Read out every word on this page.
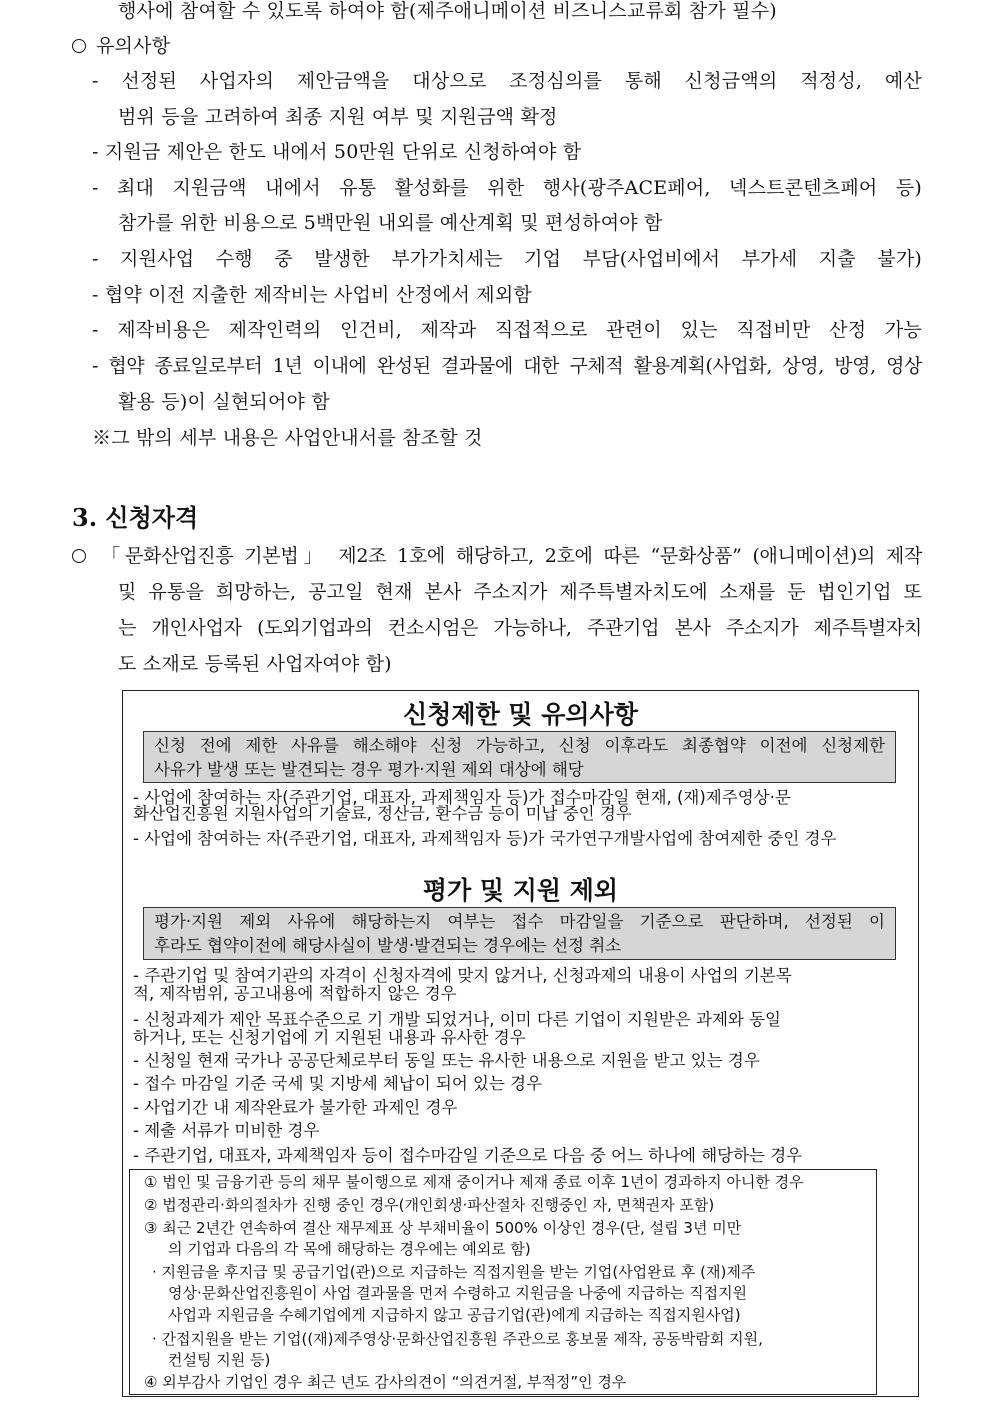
행사에 참여할 수 있도록 하여야 함(제주애니메이션 비즈니스교류회 참가 필수)
유의사항
- 선정된 사업자의 제안금액을 대상으로 조정심의를 통해 신청금액의 적정성, 예산
범위 등을 고려하여 최종 지원 여부 및 지원금액 확정
- 지원금 제안은 한도 내에서 50만원 단위로 신청하여야 함
- 최대 지원금액 내에서 유통 활성화를 위한 행사(광주ACE페어, 넥스트콘텐츠페어 등)
참가를 위한 비용으로 5백만원 내외를 예산계획 및 편성하여야 함
- 지원사업 수행 중 발생한 부가가치세는 기업 부담(사업비에서 부가세 지출 불가)
- 협약 이전 지출한 제작비는 사업비 산정에서 제외함
- 제작비용은 제작인력의 인건비, 제작과 직접적으로 관련이 있는 직접비만 산정 가능
- 협약 종료일로부터 1년 이내에 완성된 결과물에 대한 구체적 활용계획(사업화, 상영, 방영, 영상
활용 등)이 실현되어야 함
※그 밖의 세부 내용은 사업안내서를 참조할 것
3. 신청자격
「문화산업진흥 기본법」 제2조 1호에 해당하고, 2호에 따른 “문화상품” (애니메이션)의 제작
및 유통을 희망하는, 공고일 현재 본사 주소지가 제주특별자치도에 소재를 둔 법인기업 또
는 개인사업자 (도외기업과의 컨소시엄은 가능하나, 주관기업 본사 주소지가 제주특별자치
도 소재로 등록된 사업자여야 함)
신청제한 및 유의사항
신청 전에 제한 사유를 해소해야 신청 가능하고, 신청 이후라도 최종협약 이전에 신청제한
사유가 발생 또는 발견되는 경우 평가·지원 제외 대상에 해당
- 사업에 참여하는 자(주관기업, 대표자, 과제책임자 등)가 접수마감일 현재, (재)제주영상·문
화산업진흥원 지원사업의 기술료, 정산금, 환수금 등이 미납 중인 경우
- 사업에 참여하는 자(주관기업, 대표자, 과제책임자 등)가 국가연구개발사업에 참여제한 중인 경우
평가 및 지원 제외
평가·지원 제외 사유에 해당하는지 여부는 접수 마감일을 기준으로 판단하며, 선정된 이
후라도 협약이전에 해당사실이 발생·발견되는 경우에는 선정 취소
- 주관기업 및 참여기관의 자격이 신청자격에 맞지 않거나, 신청과제의 내용이 사업의 기본목
적, 제작범위, 공고내용에 적합하지 않은 경우
- 신청과제가 제안 목표수준으로 기 개발 되었거나, 이미 다른 기업이 지원받은 과제와 동일
하거나, 또는 신청기업에 기 지원된 내용과 유사한 경우
- 신청일 현재 국가나 공공단체로부터 동일 또는 유사한 내용으로 지원을 받고 있는 경우
- 접수 마감일 기준 국세 및 지방세 체납이 되어 있는 경우
- 사업기간 내 제작완료가 불가한 과제인 경우
- 제출 서류가 미비한 경우
- 주관기업, 대표자, 과제책임자 등이 접수마감일 기준으로 다음 중 어느 하나에 해당하는 경우
① 법인 및 금융기관 등의 채무 불이행으로 제재 중이거나 제재 종료 이후 1년이 경과하지 아니한 경우
② 법정관리·화의절차가 진행 중인 경우(개인회생·파산절차 진행중인 자, 면책권자 포함)
③ 최근 2년간 연속하여 결산 재무제표 상 부채비율이 500% 이상인 경우(단, 설립 3년 미만
의 기업과 다음의 각 목에 해당하는 경우에는 예외로 함)
· 지원금을 후지급 및 공급기업(관)으로 지급하는 직접지원을 받는 기업(사업완료 후 (재)제주
영상·문화산업진흥원이 사업 결과물을 먼저 수령하고 지원금을 나중에 지급하는 직접지원
사업과 지원금을 수혜기업에게 지급하지 않고 공급기업(관)에게 지급하는 직접지원사업)
· 간접지원을 받는 기업((재)제주영상·문화산업진흥원 주관으로 홍보물 제작, 공동박람회 지원,
컨설팅 지원 등)
④ 외부감사 기업인 경우 최근 년도 감사의견이 “의견거절, 부적정”인 경우
